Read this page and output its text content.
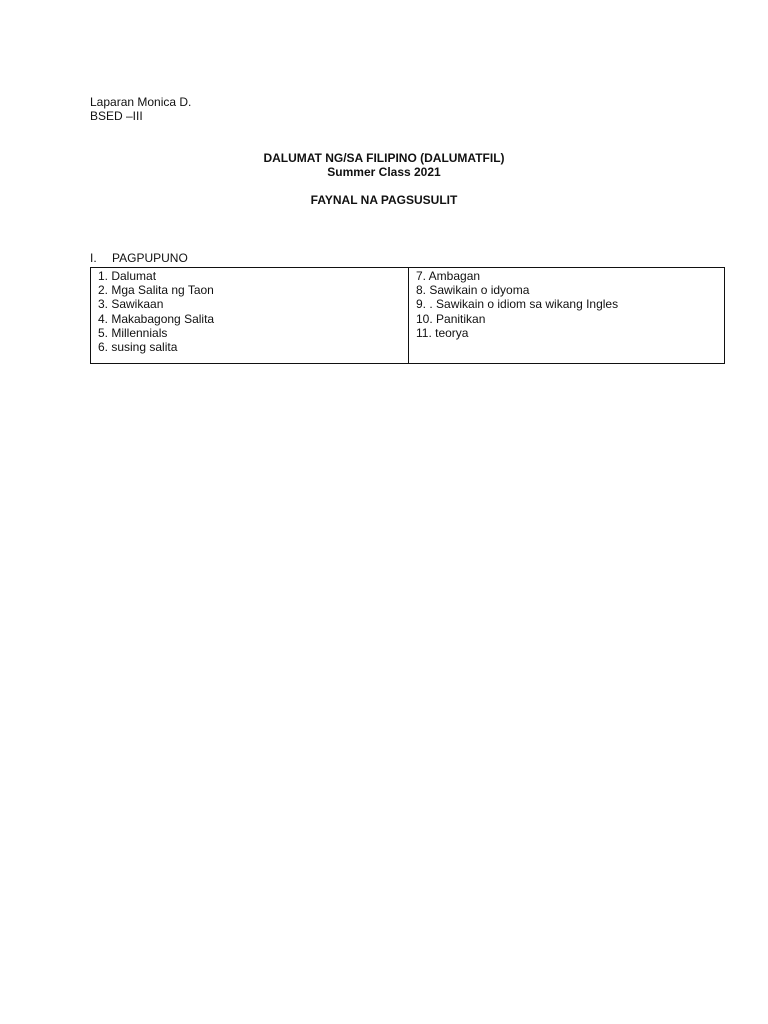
Laparan Monica D.
BSED –III
DALUMAT NG/SA FILIPINO (DALUMATFIL)
Summer Class 2021
FAYNAL NA PAGSUSULIT
I.	PAGPUPUNO
1. Dalumat
2. Mga Salita ng Taon
3. Sawikaan
4. Makabagong Salita
5. Millennials
6. susing salita
7. Ambagan
8. Sawikain o idyoma
9. . Sawikain o idiom sa wikang Ingles
10. Panitikan
11. teorya
